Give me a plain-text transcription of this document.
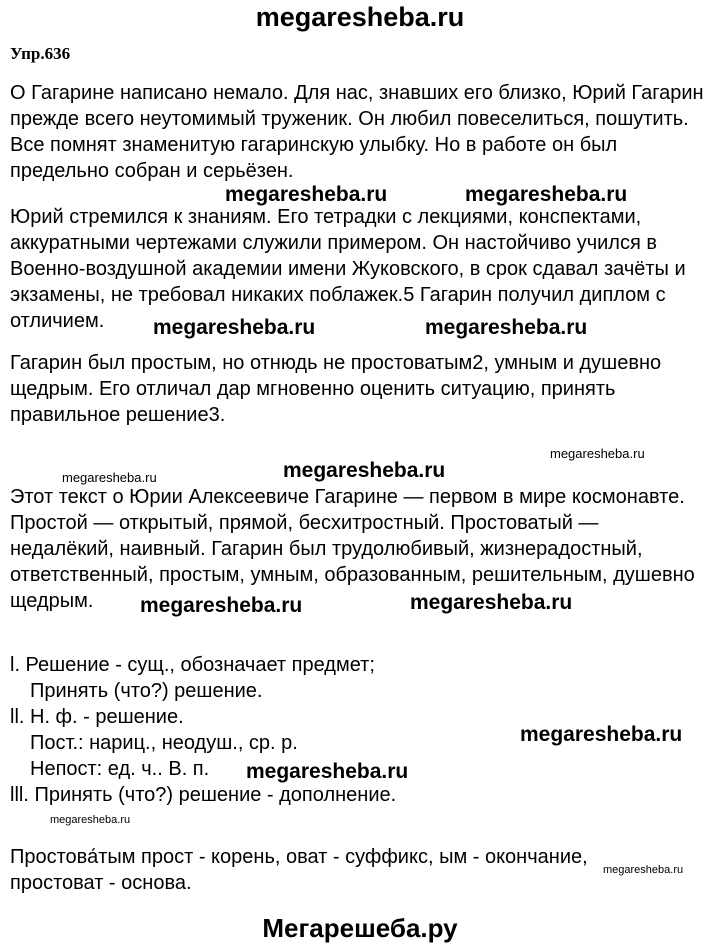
megaresheba.ru
Упр.636
О Гагарине написано немало. Для нас, знавших его близко, Юрий Гагарин
прежде всего неутомимый труженик. Он любил повеселиться, пошутить.
Все помнят знаменитую гагаринскую улыбку. Но в работе он был
предельно собран и серьёзен.
Юрий стремился к знаниям. Его тетрадки с лекциями, конспектами,
аккуратными чертежами служили примером. Он настойчиво учился в
Военно-воздушной академии имени Жуковского, в срок сдавал зачёты и
экзамены, не требовал никаких поблажек.5 Гагарин получил диплом с
отличием.
Гагарин был простым, но отнюдь не простоватым2, умным и душевно
щедрым. Его отличал дар мгновенно оценить ситуацию, принять
правильное решение3.
Этот текст о Юрии Алексеевиче Гагарине — первом в мире космонавте.
Простой — открытый, прямой, бесхитростный. Простоватый —
недалёкий, наивный. Гагарин был трудолюбивый, жизнерадостный,
ответственный, простым, умным, образованным, решительным, душевно
щедрым.
l. Решение - сущ., обозначает предмет;
Принять (что?) решение.
ll. Н. ф. - решение.
Пост.: нариц., неодуш., ср. р.
Непост: ед. ч.. В. п.
lll. Принять (что?) решение - дополнение.
Простова́тым прост - корень, оват - суффикс, ым - окончание,
простоват - основа.
megaresheba.ru	megaresheba.ru
megaresheba.ru	megaresheba.ru
megaresheba.ru
megaresheba.ru	megaresheba.ru
megaresheba.ru	megaresheba.ru
megaresheba.ru
megaresheba.ru
megaresheba.ru
megaresheba.ru
Мегарешеба.ру
